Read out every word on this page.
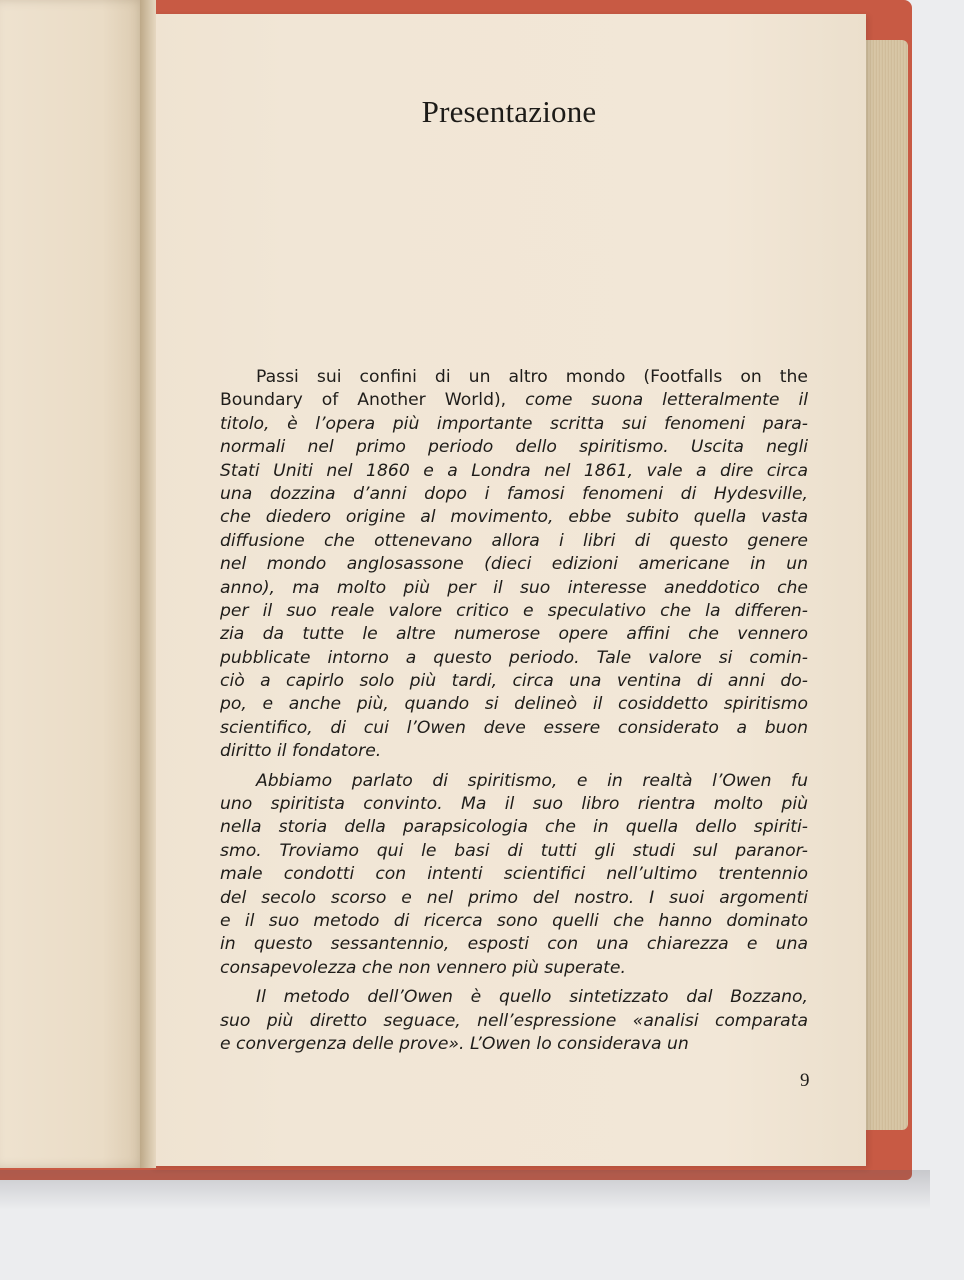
Presentazione
Passi sui confini di un altro mondo (Footfalls on the
Boundary of Another World), come suona letteralmente il
titolo, è l’opera più importante scritta sui fenomeni para-
normali nel primo periodo dello spiritismo. Uscita negli
Stati Uniti nel 1860 e a Londra nel 1861, vale a dire circa
una dozzina d’anni dopo i famosi fenomeni di Hydesville,
che diedero origine al movimento, ebbe subito quella vasta
diffusione che ottenevano allora i libri di questo genere
nel mondo anglosassone (dieci edizioni americane in un
anno), ma molto più per il suo interesse aneddotico che
per il suo reale valore critico e speculativo che la differen-
zia da tutte le altre numerose opere affini che vennero
pubblicate intorno a questo periodo. Tale valore si comin-
ciò a capirlo solo più tardi, circa una ventina di anni do-
po, e anche più, quando si delineò il cosiddetto spiritismo
scientifico, di cui l’Owen deve essere considerato a buon
diritto il fondatore.
Abbiamo parlato di spiritismo, e in realtà l’Owen fu
uno spiritista convinto. Ma il suo libro rientra molto più
nella storia della parapsicologia che in quella dello spiriti-
smo. Troviamo qui le basi di tutti gli studi sul paranor-
male condotti con intenti scientifici nell’ultimo trentennio
del secolo scorso e nel primo del nostro. I suoi argomenti
e il suo metodo di ricerca sono quelli che hanno dominato
in questo sessantennio, esposti con una chiarezza e una
consapevolezza che non vennero più superate.
Il metodo dell’Owen è quello sintetizzato dal Bozzano,
suo più diretto seguace, nell’espressione «analisi comparata
e convergenza delle prove». L’Owen lo considerava un
9
